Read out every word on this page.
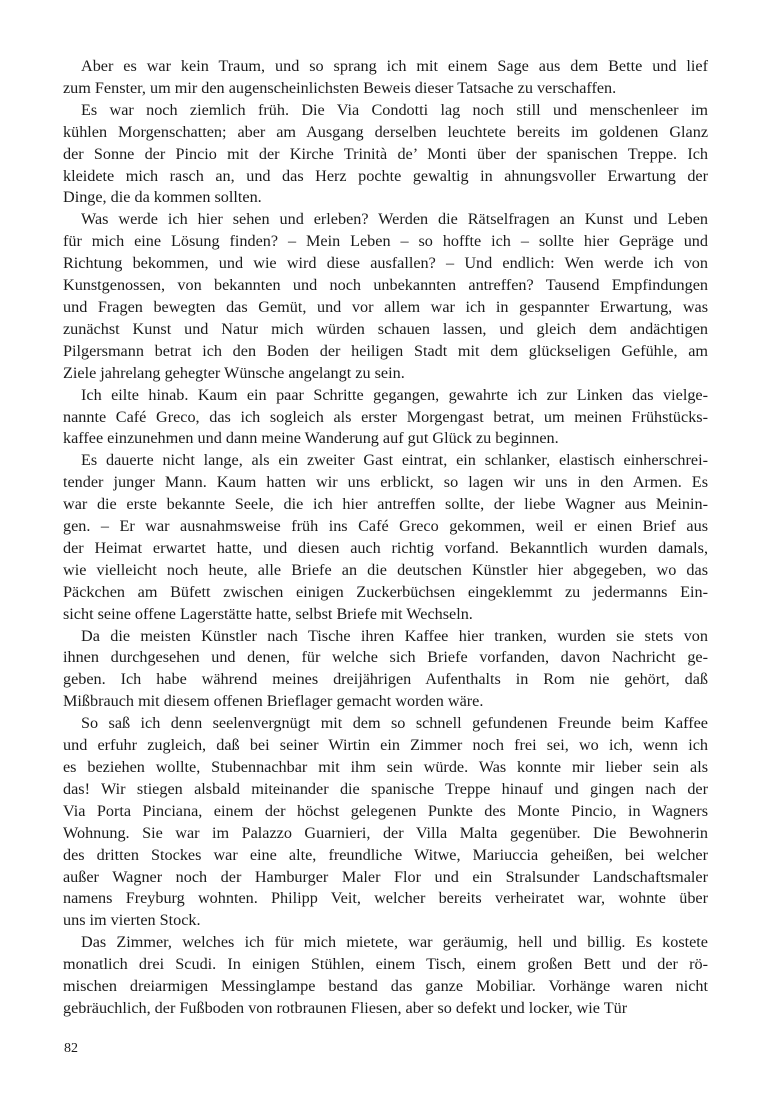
Aber es war kein Traum, und so sprang ich mit einem Sage aus dem Bette und lief
zum Fenster, um mir den augenscheinlichsten Beweis dieser Tatsache zu verschaffen.
Es war noch ziemlich früh. Die Via Condotti lag noch still und menschenleer im
kühlen Morgenschatten; aber am Ausgang derselben leuchtete bereits im goldenen Glanz
der Sonne der Pincio mit der Kirche Trinità de’ Monti über der spanischen Treppe. Ich
kleidete mich rasch an, und das Herz pochte gewaltig in ahnungsvoller Erwartung der
Dinge, die da kommen sollten.
Was werde ich hier sehen und erleben? Werden die Rätselfragen an Kunst und Leben
für mich eine Lösung finden? – Mein Leben – so hoffte ich – sollte hier Gepräge und
Richtung bekommen, und wie wird diese ausfallen? – Und endlich: Wen werde ich von
Kunstgenossen, von bekannten und noch unbekannten antreffen? Tausend Empfindungen
und Fragen bewegten das Gemüt, und vor allem war ich in gespannter Erwartung, was
zunächst Kunst und Natur mich würden schauen lassen, und gleich dem andächtigen
Pilgersmann betrat ich den Boden der heiligen Stadt mit dem glückseligen Gefühle, am
Ziele jahrelang gehegter Wünsche angelangt zu sein.
Ich eilte hinab. Kaum ein paar Schritte gegangen, gewahrte ich zur Linken das vielge-
nannte Café Greco, das ich sogleich als erster Morgengast betrat, um meinen Frühstücks-
kaffee einzunehmen und dann meine Wanderung auf gut Glück zu beginnen.
Es dauerte nicht lange, als ein zweiter Gast eintrat, ein schlanker, elastisch einherschrei-
tender junger Mann. Kaum hatten wir uns erblickt, so lagen wir uns in den Armen. Es
war die erste bekannte Seele, die ich hier antreffen sollte, der liebe Wagner aus Meinin-
gen. – Er war ausnahmsweise früh ins Café Greco gekommen, weil er einen Brief aus
der Heimat erwartet hatte, und diesen auch richtig vorfand. Bekanntlich wurden damals,
wie vielleicht noch heute, alle Briefe an die deutschen Künstler hier abgegeben, wo das
Päckchen am Büfett zwischen einigen Zuckerbüchsen eingeklemmt zu jedermanns Ein-
sicht seine offene Lagerstätte hatte, selbst Briefe mit Wechseln.
Da die meisten Künstler nach Tische ihren Kaffee hier tranken, wurden sie stets von
ihnen durchgesehen und denen, für welche sich Briefe vorfanden, davon Nachricht ge-
geben. Ich habe während meines dreijährigen Aufenthalts in Rom nie gehört, daß
Mißbrauch mit diesem offenen Brieflager gemacht worden wäre.
So saß ich denn seelenvergnügt mit dem so schnell gefundenen Freunde beim Kaffee
und erfuhr zugleich, daß bei seiner Wirtin ein Zimmer noch frei sei, wo ich, wenn ich
es beziehen wollte, Stubennachbar mit ihm sein würde. Was konnte mir lieber sein als
das! Wir stiegen alsbald miteinander die spanische Treppe hinauf und gingen nach der
Via Porta Pinciana, einem der höchst gelegenen Punkte des Monte Pincio, in Wagners
Wohnung. Sie war im Palazzo Guarnieri, der Villa Malta gegenüber. Die Bewohnerin
des dritten Stockes war eine alte, freundliche Witwe, Mariuccia geheißen, bei welcher
außer Wagner noch der Hamburger Maler Flor und ein Stralsunder Landschaftsmaler
namens Freyburg wohnten. Philipp Veit, welcher bereits verheiratet war, wohnte über
uns im vierten Stock.
Das Zimmer, welches ich für mich mietete, war geräumig, hell und billig. Es kostete
monatlich drei Scudi. In einigen Stühlen, einem Tisch, einem großen Bett und der rö-
mischen dreiarmigen Messinglampe bestand das ganze Mobiliar. Vorhänge waren nicht
gebräuchlich, der Fußboden von rotbraunen Fliesen, aber so defekt und locker, wie Tür
82
